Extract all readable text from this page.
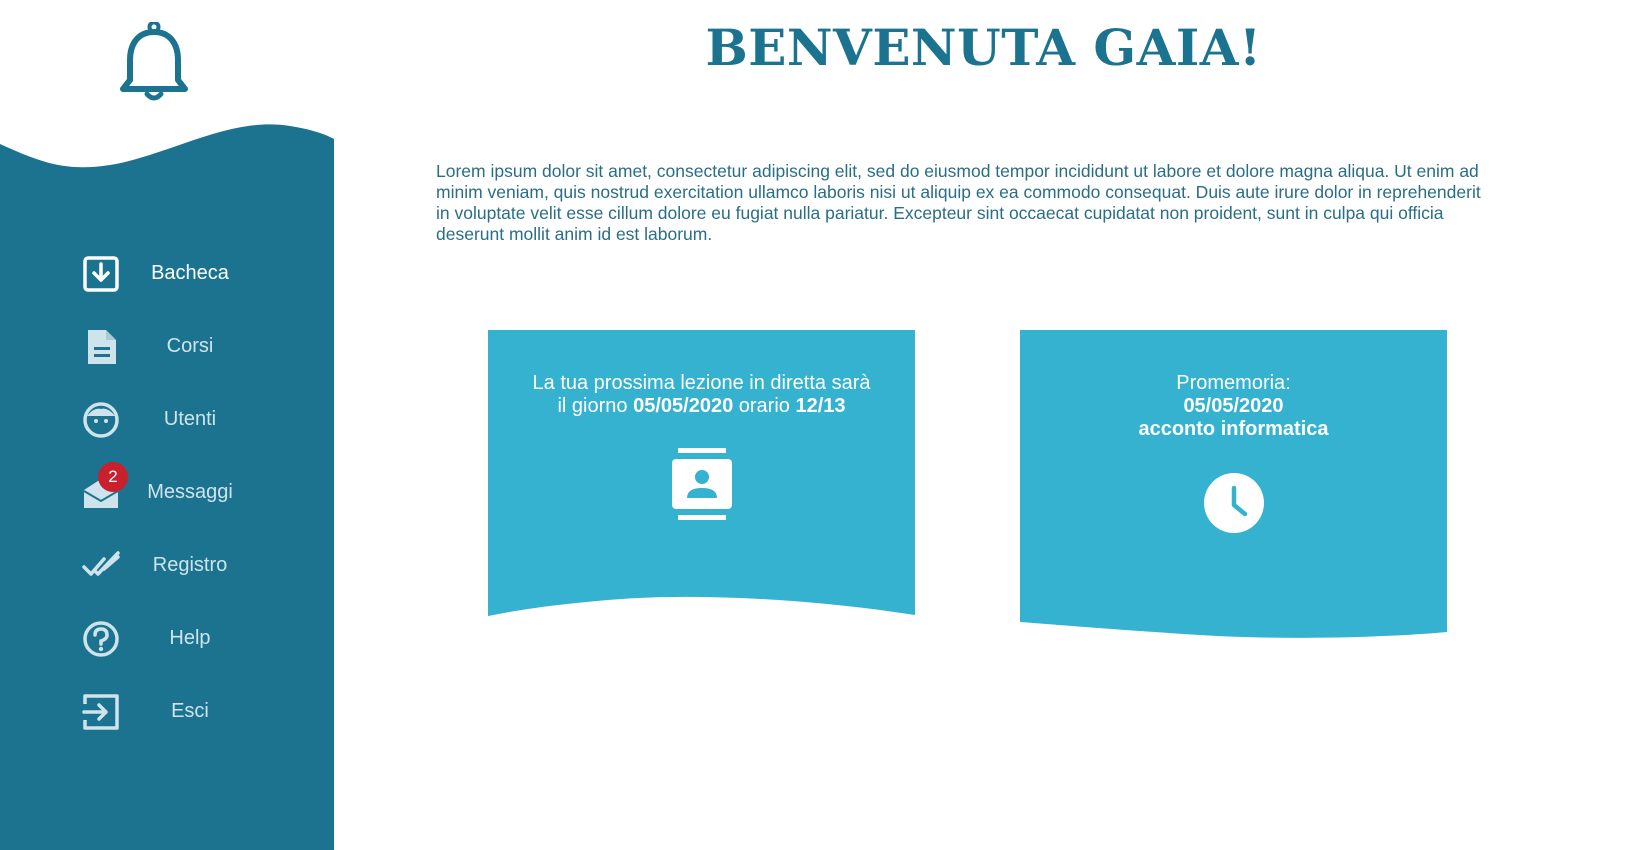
Bacheca
Corsi
Utenti
2
Messaggi
Registro
Help
Esci
BENVENUTA GAIA!

Lorem ipsum dolor sit amet, consectetur adipiscing elit, sed do eiusmod tempor incididunt ut labore et dolore magna aliqua. Ut enim ad minim veniam, quis nostrud exercitation ullamco laboris nisi ut aliquip ex ea commodo consequat. Duis aute irure dolor in reprehenderit in voluptate velit esse cillum dolore eu fugiat nulla pariatur. Excepteur sint occaecat cupidatat non proident, sunt in culpa qui officia deserunt mollit anim id est laborum.

La tua prossima lezione in diretta sarà
il giorno 05/05/2020 orario 12/13
Promemoria:
05/05/2020
acconto informatica
